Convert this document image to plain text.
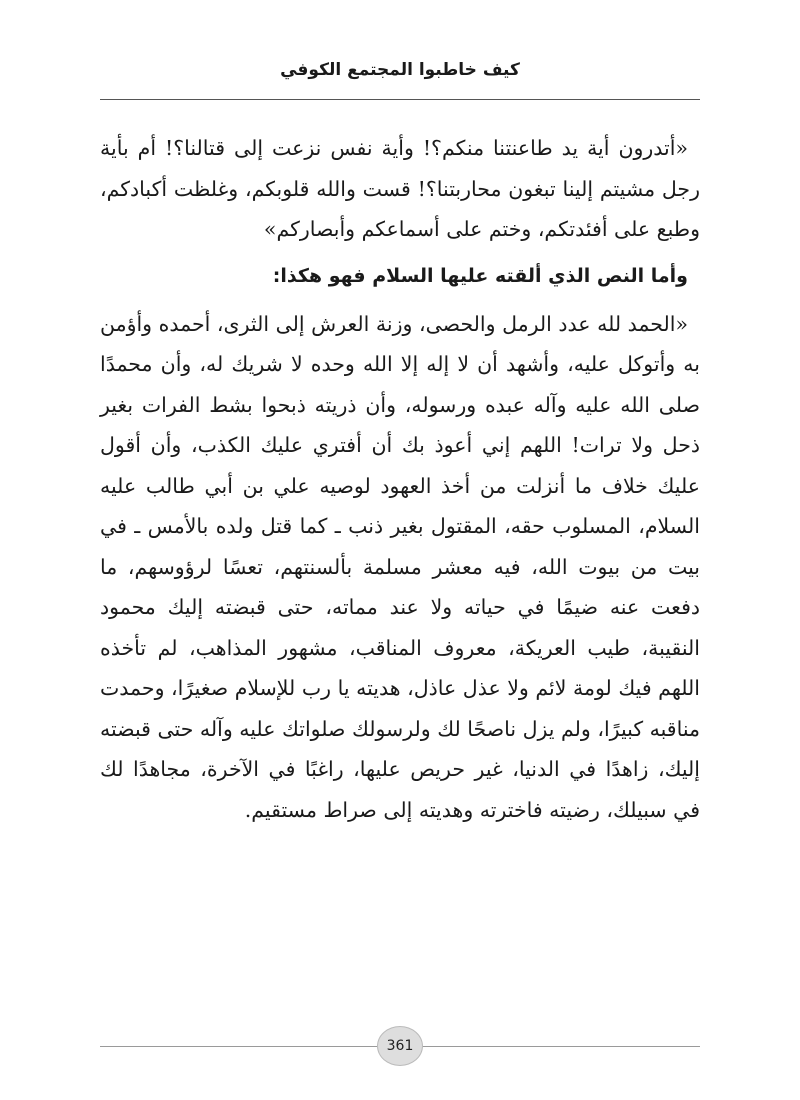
كيف خاطبوا المجتمع الكوفي

«أتدرون أية يد طاعنتنا منكم؟! وأية نفس نزعت إلى قتالنا؟! أم بأية رجل مشيتم إلينا تبغون محاربتنا؟! قست والله قلوبكم، وغلظت أكبادكم، وطبع على أفئدتكم، وختم على أسماعكم وأبصاركم»

وأما النص الذي ألقته عليها السلام فهو هكذا:

«الحمد لله عدد الرمل والحصى، وزنة العرش إلى الثرى، أحمده وأؤمن به وأتوكل عليه، وأشهد أن لا إله إلا الله وحده لا شريك له، وأن محمدًا صلى الله عليه وآله عبده ورسوله، وأن ذريته ذبحوا بشط الفرات بغير ذحل ولا ترات! اللهم إني أعوذ بك أن أفتري عليك الكذب، وأن أقول عليك خلاف ما أنزلت من أخذ العهود لوصيه علي بن أبي طالب عليه السلام، المسلوب حقه، المقتول بغير ذنب ـ كما قتل ولده بالأمس ـ في بيت من بيوت الله، فيه معشر مسلمة بألسنتهم، تعسًا لرؤوسهم، ما دفعت عنه ضيمًا في حياته ولا عند مماته، حتى قبضته إليك محمود النقيبة، طيب العريكة، معروف المناقب، مشهور المذاهب، لم تأخذه اللهم فيك لومة لائم ولا عذل عاذل، هديته يا رب للإسلام صغيرًا، وحمدت مناقبه كبيرًا، ولم يزل ناصحًا لك ولرسولك صلواتك عليه وآله حتى قبضته إليك، زاهدًا في الدنيا، غير حريص عليها، راغبًا في الآخرة، مجاهدًا لك في سبيلك، رضيته فاخترته وهديته إلى صراط مستقيم.

361
